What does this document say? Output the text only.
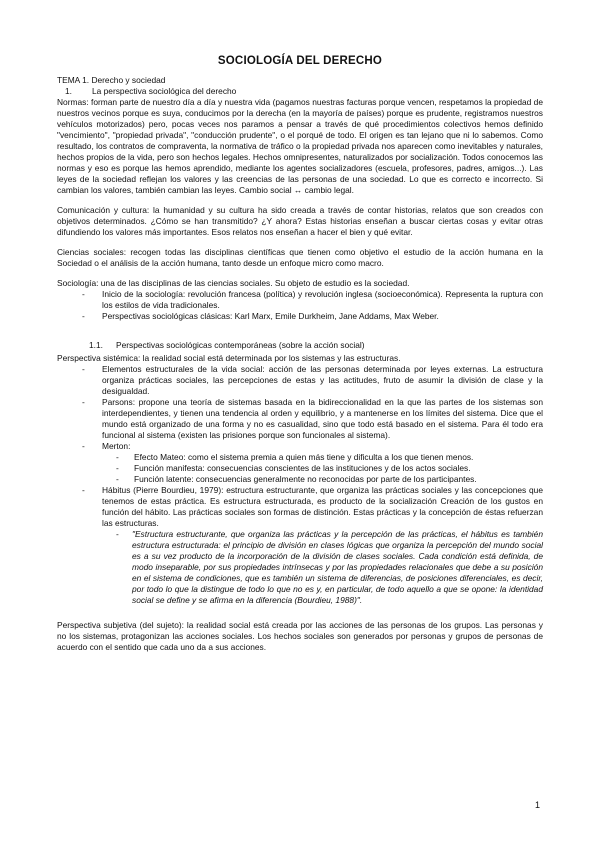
SOCIOLOGÍA DEL DERECHO

TEMA 1. Derecho y sociedad

1.	La perspectiva sociológica del derecho

Normas: forman parte de nuestro día a día y nuestra vida (pagamos nuestras facturas porque vencen, respetamos la propiedad de nuestros vecinos porque es suya, conducimos por la derecha (en la mayoría de países) porque es prudente, registramos nuestros vehículos motorizados) pero, pocas veces nos paramos a pensar a través de qué procedimientos colectivos hemos definido "vencimiento", "propiedad privada", "conducción prudente", o el porqué de todo. El origen es tan lejano que ni lo sabemos. Como resultado, los contratos de compraventa, la normativa de tráfico o la propiedad privada nos aparecen como inevitables y naturales, hechos propios de la vida, pero son hechos legales. Hechos omnipresentes, naturalizados por socialización. Todos conocemos las normas y eso es porque las hemos aprendido, mediante los agentes socializadores (escuela, profesores, padres, amigos...). Las leyes de la sociedad reflejan los valores y las creencias de las personas de una sociedad. Lo que es correcto e incorrecto. Si cambian los valores, también cambian las leyes. Cambio social ↔ cambio legal.

Comunicación y cultura: la humanidad y su cultura ha sido creada a través de contar historias, relatos que son creados con objetivos determinados. ¿Cómo se han transmitido? ¿Y ahora? Estas historias enseñan a buscar ciertas cosas y evitar otras difundiendo los valores más importantes. Esos relatos nos enseñan a hacer el bien y qué evitar.

Ciencias sociales: recogen todas las disciplinas científicas que tienen como objetivo el estudio de la acción humana en la Sociedad o el análisis de la acción humana, tanto desde un enfoque micro como macro.

Sociología: una de las disciplinas de las ciencias sociales. Su objeto de estudio es la sociedad.

- Inicio de la sociología: revolución francesa (política) y revolución inglesa (socioeconómica). Representa la ruptura con los estilos de vida tradicionales.
- Perspectivas sociológicas clásicas: Karl Marx, Emile Durkheim, Jane Addams, Max Weber.
1.1.	Perspectivas sociológicas contemporáneas (sobre la acción social)

Perspectiva sistémica: la realidad social está determinada por los sistemas y las estructuras.

- Elementos estructurales de la vida social: acción de las personas determinada por leyes externas. La estructura organiza prácticas sociales, las percepciones de estas y las actitudes, fruto de asumir la división de clase y la desigualdad.
- Parsons: propone una teoría de sistemas basada en la bidireccionalidad en la que las partes de los sistemas son interdependientes, y tienen una tendencia al orden y equilibrio, y a mantenerse en los límites del sistema. Dice que el mundo está organizado de una forma y no es casualidad, sino que todo está basado en el sistema. Para él todo era funcional al sistema (existen las prisiones porque son funcionales al sistema).
- Merton:
- Efecto Mateo: como el sistema premia a quien más tiene y dificulta a los que tienen menos.
- Función manifesta: consecuencias conscientes de las instituciones y de los actos sociales.
- Función latente: consecuencias generalmente no reconocidas por parte de los participantes.
- Hábitus (Pierre Bourdieu, 1979): estructura estructurante, que organiza las prácticas sociales y las concepciones que tenemos de estas práctica. Es estructura estructurada, es producto de la socialización Creación de los gustos en función del hábito. Las prácticas sociales son formas de distinción. Estas prácticas y la concepción de éstas refuerzan las estructuras.
- "Estructura estructurante, que organiza las prácticas y la percepción de las prácticas, el hábitus es también estructura estructurada: el principio de división en clases lógicas que organiza la percepción del mundo social es a su vez producto de la incorporación de la división de clases sociales. Cada condición está definida, de modo inseparable, por sus propiedades intrínsecas y por las propiedades relacionales que debe a su posición en el sistema de condiciones, que es también un sistema de diferencias, de posiciones diferenciales, es decir, por todo lo que la distingue de todo lo que no es y, en particular, de todo aquello a que se opone: la identidad social se define y se afirma en la diferencia (Bourdieu, 1988)".

Perspectiva subjetiva (del sujeto): la realidad social está creada por las acciones de las personas de los grupos. Las personas y no los sistemas, protagonizan las acciones sociales. Los hechos sociales son generados por personas y grupos de personas de acuerdo con el sentido que cada uno da a sus acciones.

1
